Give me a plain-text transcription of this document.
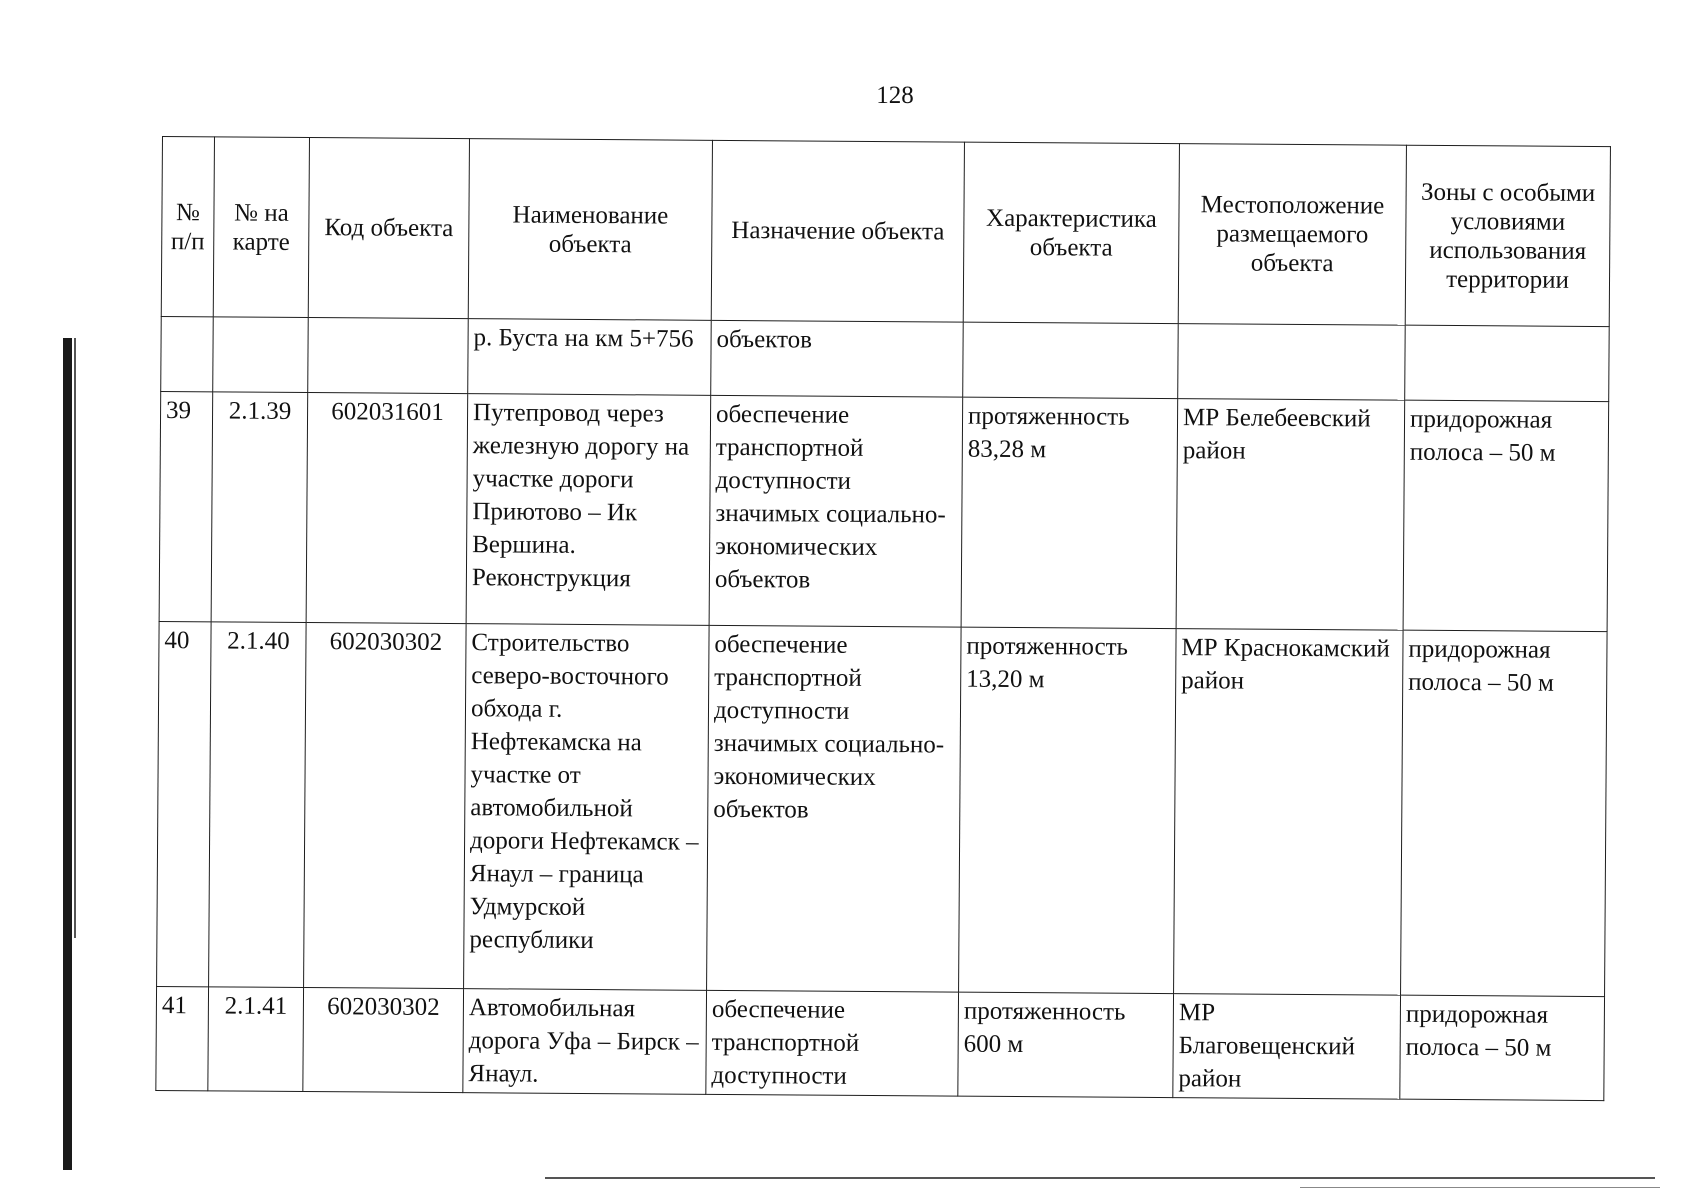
128
№ п/п	№ на карте	Код объекта	Наименование объекта	Назначение объекта	Характеристика объекта	Местоположение размещаемого объекта	Зоны с особыми условиями использования территории
			р. Буста на км 5+756	объектов			
39	2.1.39	602031601	Путепровод через железную дорогу на участке дороги Приютово – Ик Вершина. Реконструкция	обеспечение транспортной доступности значимых социально-экономических объектов	протяженность 83,28 м	МР Белебеевский район	придорожная полоса – 50 м
40	2.1.40	602030302	Строительство северо-восточного обхода г. Нефтекамска на участке от автомобильной дороги Нефтекамск – Янаул – граница Удмурской республики	обеспечение транспортной доступности значимых социально-экономических объектов	протяженность 13,20 м	МР Краснокамский район	придорожная полоса – 50 м
41	2.1.41	602030302	Автомобильная дорога Уфа – Бирск – Янаул.	обеспечение транспортной доступности	протяженность 600 м	МР Благовещенский район	придорожная полоса – 50 м
